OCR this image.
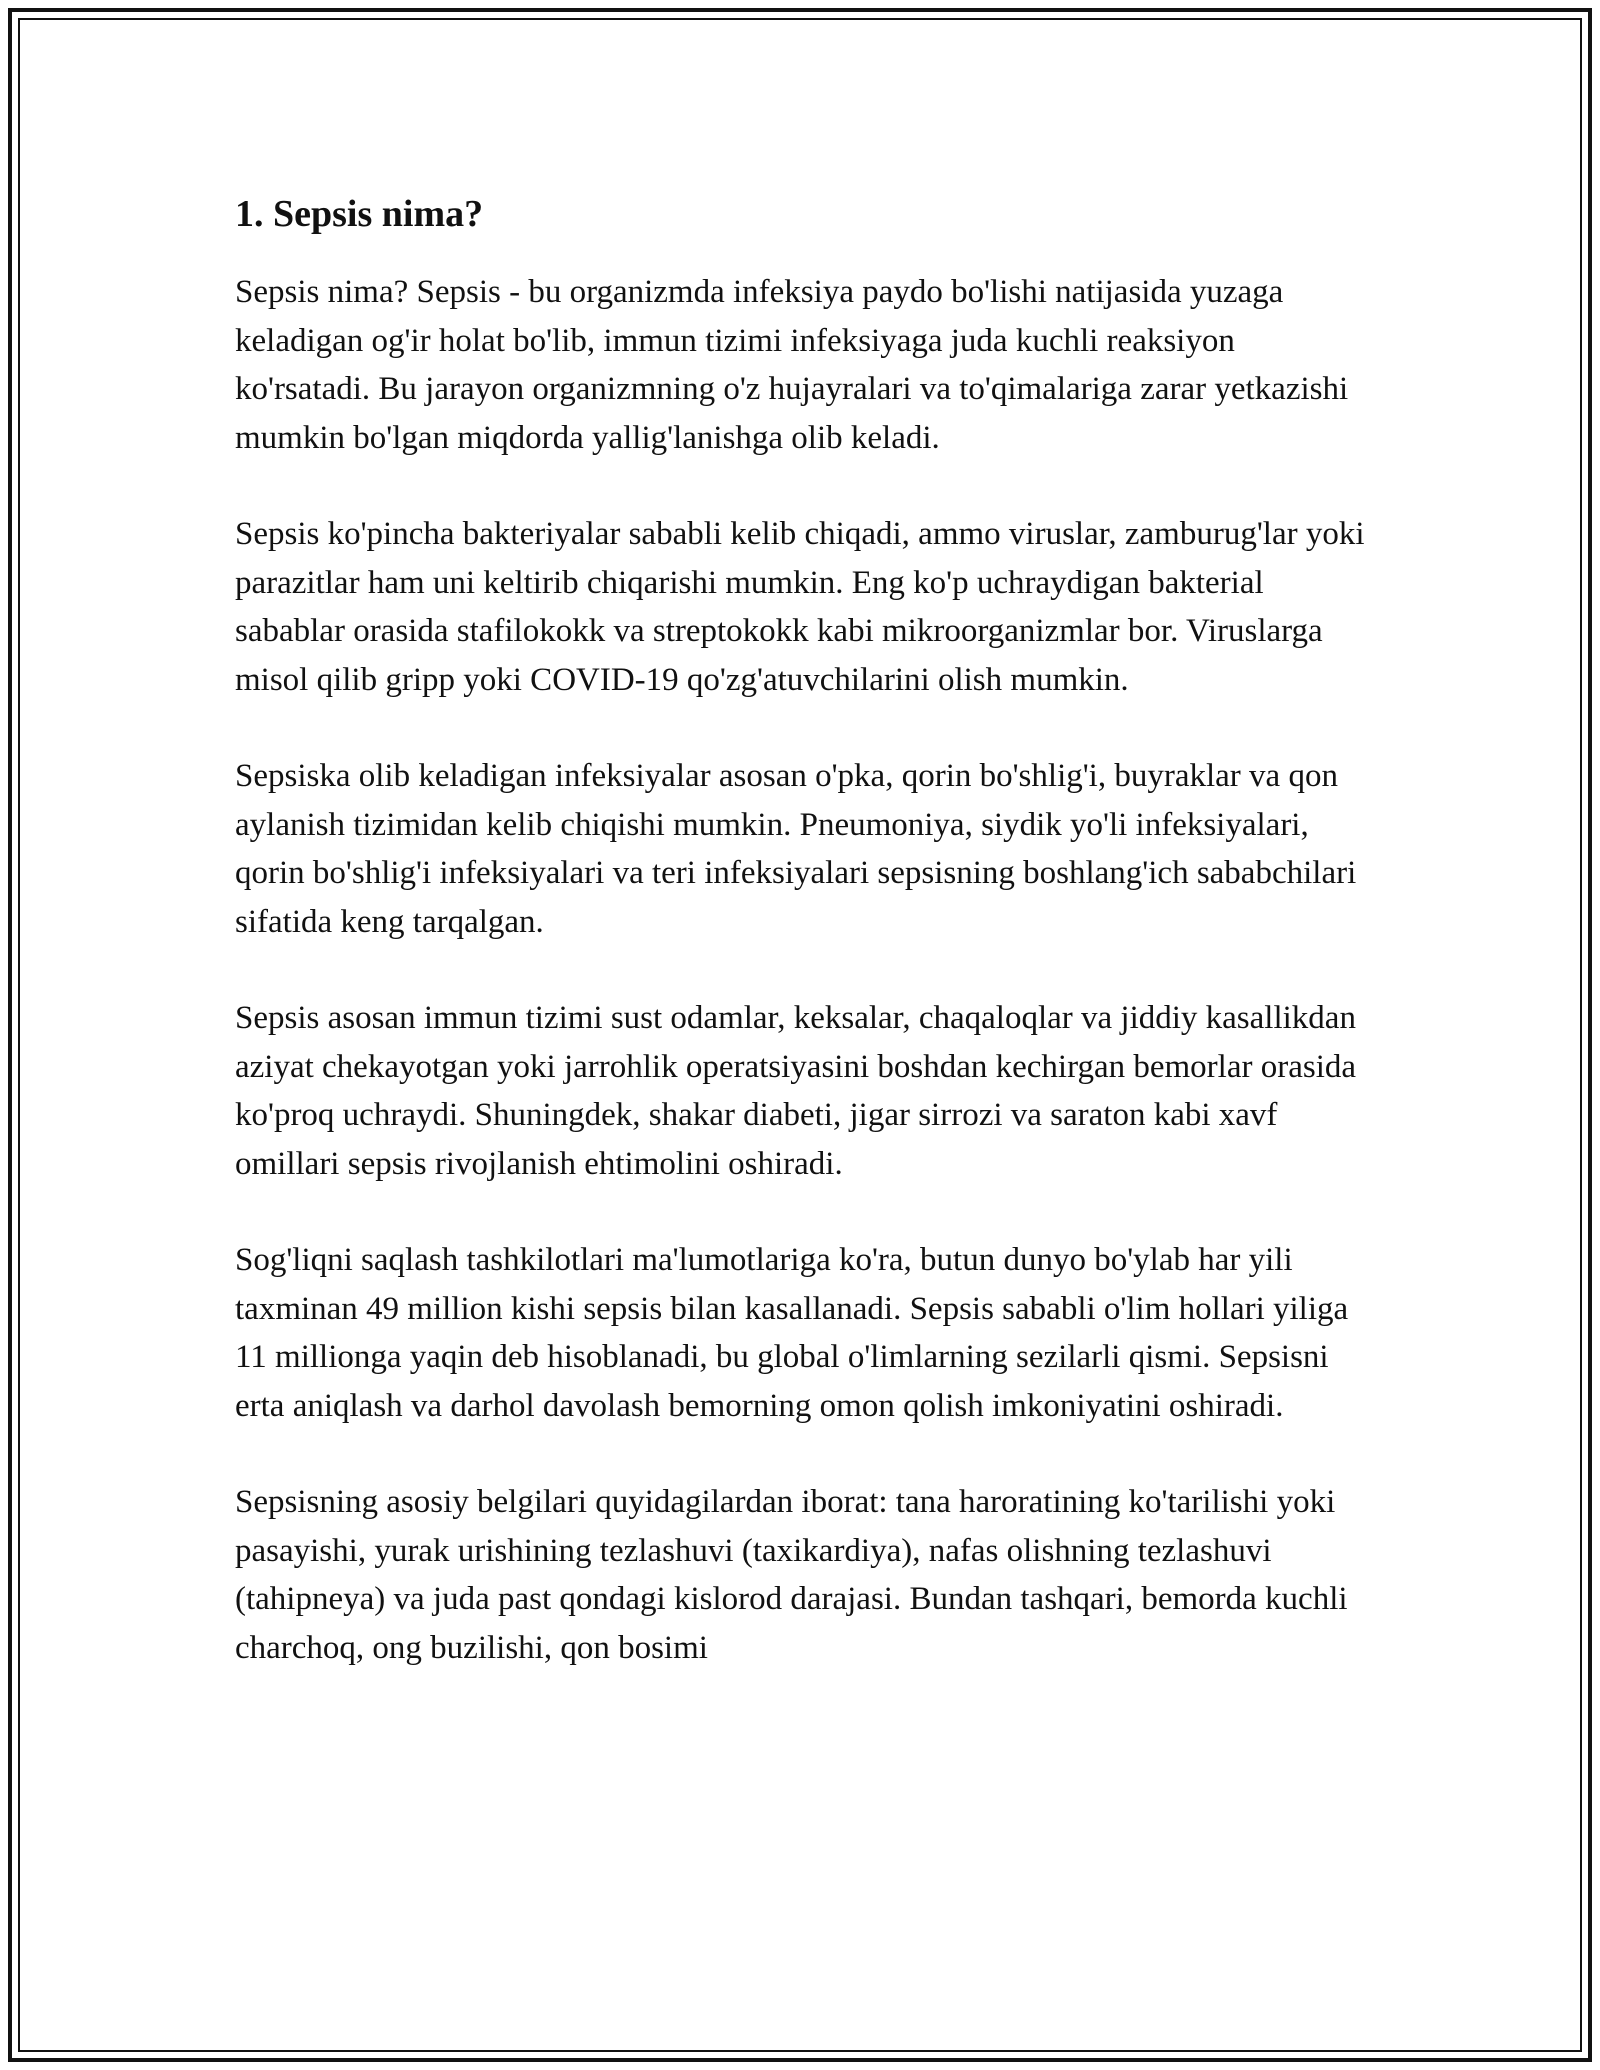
1. Sepsis nima?

Sepsis nima? Sepsis - bu organizmda infeksiya paydo bo'lishi natijasida yuzaga keladigan og'ir holat bo'lib, immun tizimi infeksiyaga juda kuchli reaksiyon ko'rsatadi. Bu jarayon organizmning o'z hujayralari va to'qimalariga zarar yetkazishi mumkin bo'lgan miqdorda yallig'lanishga olib keladi.

Sepsis ko'pincha bakteriyalar sababli kelib chiqadi, ammo viruslar, zamburug'lar yoki parazitlar ham uni keltirib chiqarishi mumkin. Eng ko'p uchraydigan bakterial sabablar orasida stafilokokk va streptokokk kabi mikroorganizmlar bor. Viruslarga misol qilib gripp yoki COVID-19 qo'zg'atuvchilarini olish mumkin.

Sepsiska olib keladigan infeksiyalar asosan o'pka, qorin bo'shlig'i, buyraklar va qon aylanish tizimidan kelib chiqishi mumkin. Pneumoniya, siydik yo'li infeksiyalari, qorin bo'shlig'i infeksiyalari va teri infeksiyalari sepsisning boshlang'ich sababchilari sifatida keng tarqalgan.

Sepsis asosan immun tizimi sust odamlar, keksalar, chaqaloqlar va jiddiy kasallikdan aziyat chekayotgan yoki jarrohlik operatsiyasini boshdan kechirgan bemorlar orasida ko'proq uchraydi. Shuningdek, shakar diabeti, jigar sirrozi va saraton kabi xavf omillari sepsis rivojlanish ehtimolini oshiradi.

Sog'liqni saqlash tashkilotlari ma'lumotlariga ko'ra, butun dunyo bo'ylab har yili taxminan 49 million kishi sepsis bilan kasallanadi. Sepsis sababli o'lim hollari yiliga 11 millionga yaqin deb hisoblanadi, bu global o'limlarning sezilarli qismi. Sepsisni erta aniqlash va darhol davolash bemorning omon qolish imkoniyatini oshiradi.

Sepsisning asosiy belgilari quyidagilardan iborat: tana haroratining ko'tarilishi yoki pasayishi, yurak urishining tezlashuvi (taxikardiya), nafas olishning tezlashuvi (tahipneya) va juda past qondagi kislorod darajasi. Bundan tashqari, bemorda kuchli charchoq, ong buzilishi, qon bosimi
